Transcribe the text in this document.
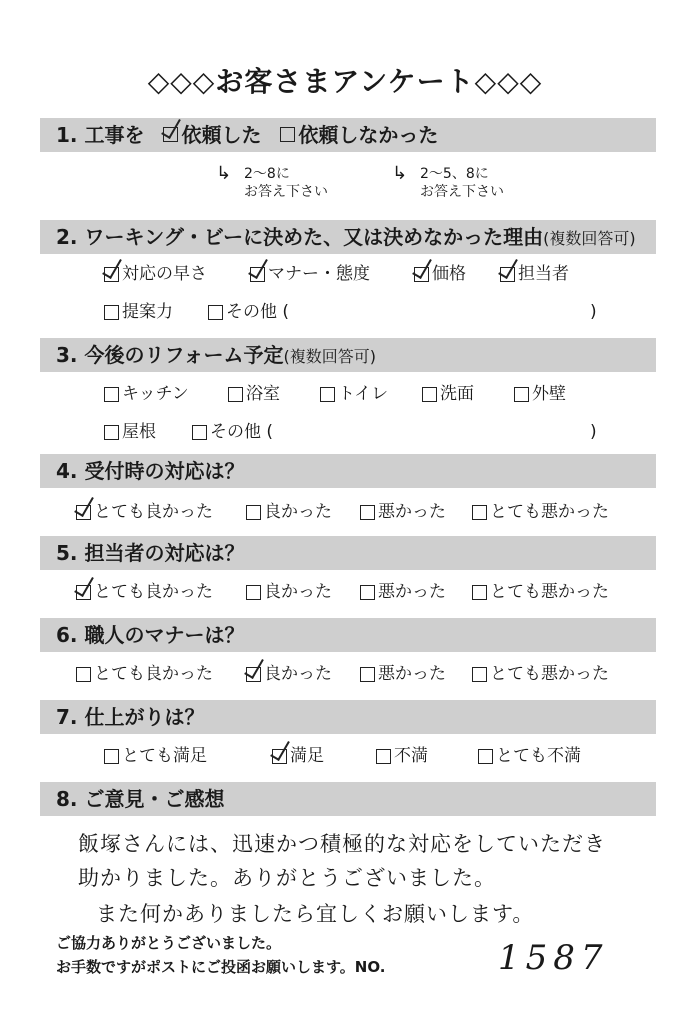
◇◇◇お客さまアンケート◇◇◇
1. 工事を 依頼した 依頼しなかった
↳ 2〜8に
お答え下さい
↳ 2〜5、8に
お答え下さい
2. ワーキング・ビーに決めた、又は決めなかった理由(複数回答可)
対応の早さ	マナー・態度	価格	担当者
提案力	その他 (	)
3. 今後のリフォーム予定(複数回答可)
キッチン	浴室	トイレ	洗面	外壁
屋根	その他 (	)
4. 受付時の対応は？
とても良かった	良かった	悪かった	とても悪かった
5. 担当者の対応は？
とても良かった	良かった	悪かった	とても悪かった
6. 職人のマナーは？
とても良かった	良かった	悪かった	とても悪かった
7. 仕上がりは？
とても満足	満足	不満	とても不満
8. ご意見・ご感想
飯塚さんには、迅速かつ積極的な対応をしていただき
助かりました。ありがとうございました。
また何かありましたら宜しくお願いします。
ご協力ありがとうございました。
お手数ですがポストにご投函お願いします。NO.	1587
